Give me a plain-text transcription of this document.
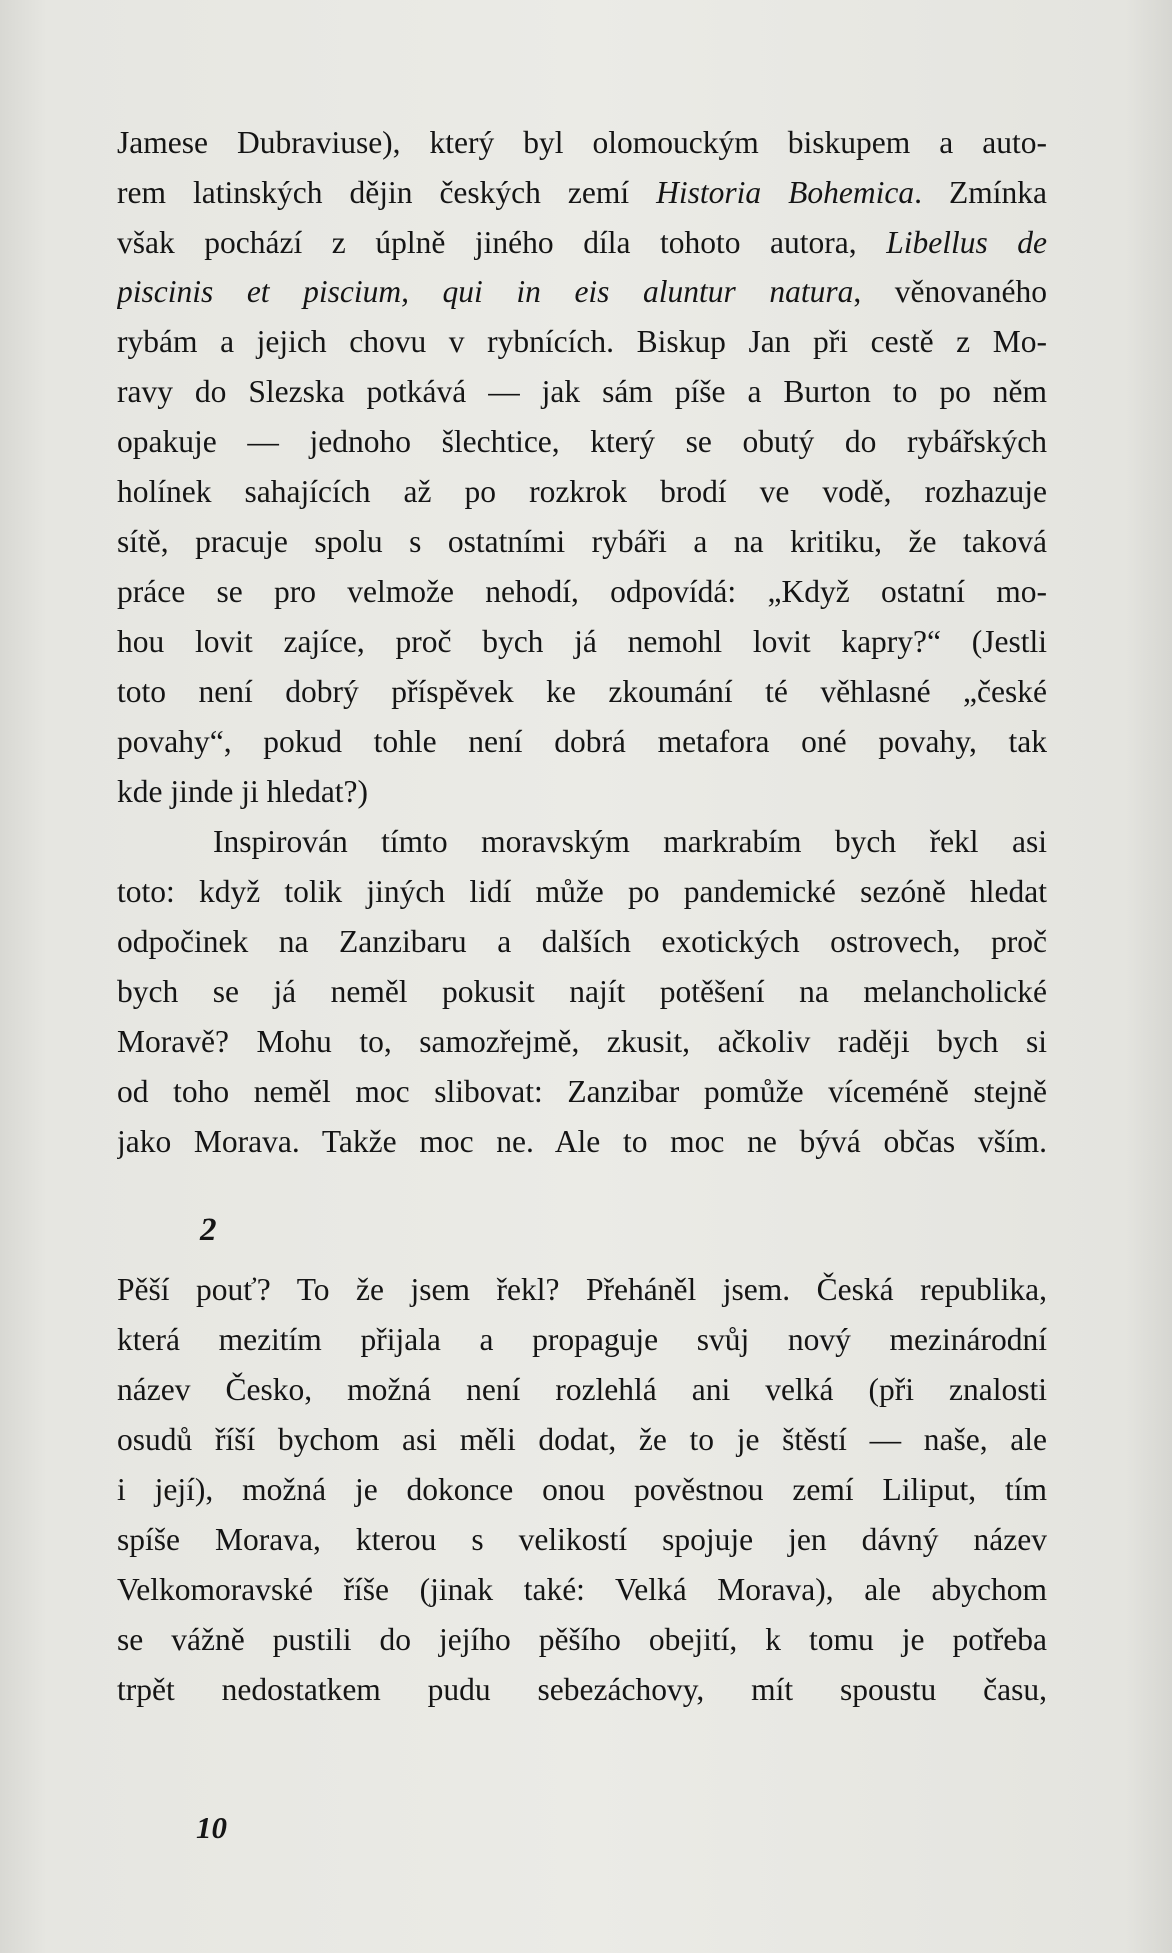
Jamese Dubraviuse), který byl olomouckým biskupem a auto-
rem latinských dějin českých zemí Historia Bohemica. Zmínka
však pochází z úplně jiného díla tohoto autora, Libellus de
piscinis et piscium, qui in eis aluntur natura, věnovaného
rybám a jejich chovu v rybnících. Biskup Jan při cestě z Mo-
ravy do Slezska potkává — jak sám píše a Burton to po něm
opakuje — jednoho šlechtice, který se obutý do rybářských
holínek sahajících až po rozkrok brodí ve vodě, rozhazuje
sítě, pracuje spolu s ostatními rybáři a na kritiku, že taková
práce se pro velmože nehodí, odpovídá: „Když ostatní mo-
hou lovit zajíce, proč bych já nemohl lovit kapry?“ (Jestli
toto není dobrý příspěvek ke zkoumání té věhlasné „české
povahy“, pokud tohle není dobrá metafora oné povahy, tak
kde jinde ji hledat?)
Inspirován tímto moravským markrabím bych řekl asi
toto: když tolik jiných lidí může po pandemické sezóně hledat
odpočinek na Zanzibaru a dalších exotických ostrovech, proč
bych se já neměl pokusit najít potěšení na melancholické
Moravě? Mohu to, samozřejmě, zkusit, ačkoliv raději bych si
od toho neměl moc slibovat: Zanzibar pomůže víceméně stejně
jako Morava. Takže moc ne. Ale to moc ne bývá občas vším.
2
Pěší pouť? To že jsem řekl? Přeháněl jsem. Česká republika,
která mezitím přijala a propaguje svůj nový mezinárodní
název Česko, možná není rozlehlá ani velká (při znalosti
osudů říší bychom asi měli dodat, že to je štěstí — naše, ale
i její), možná je dokonce onou pověstnou zemí Liliput, tím
spíše Morava, kterou s velikostí spojuje jen dávný název
Velkomoravské říše (jinak také: Velká Morava), ale abychom
se vážně pustili do jejího pěšího obejití, k tomu je potřeba
trpět nedostatkem pudu sebezáchovy, mít spoustu času,
10
